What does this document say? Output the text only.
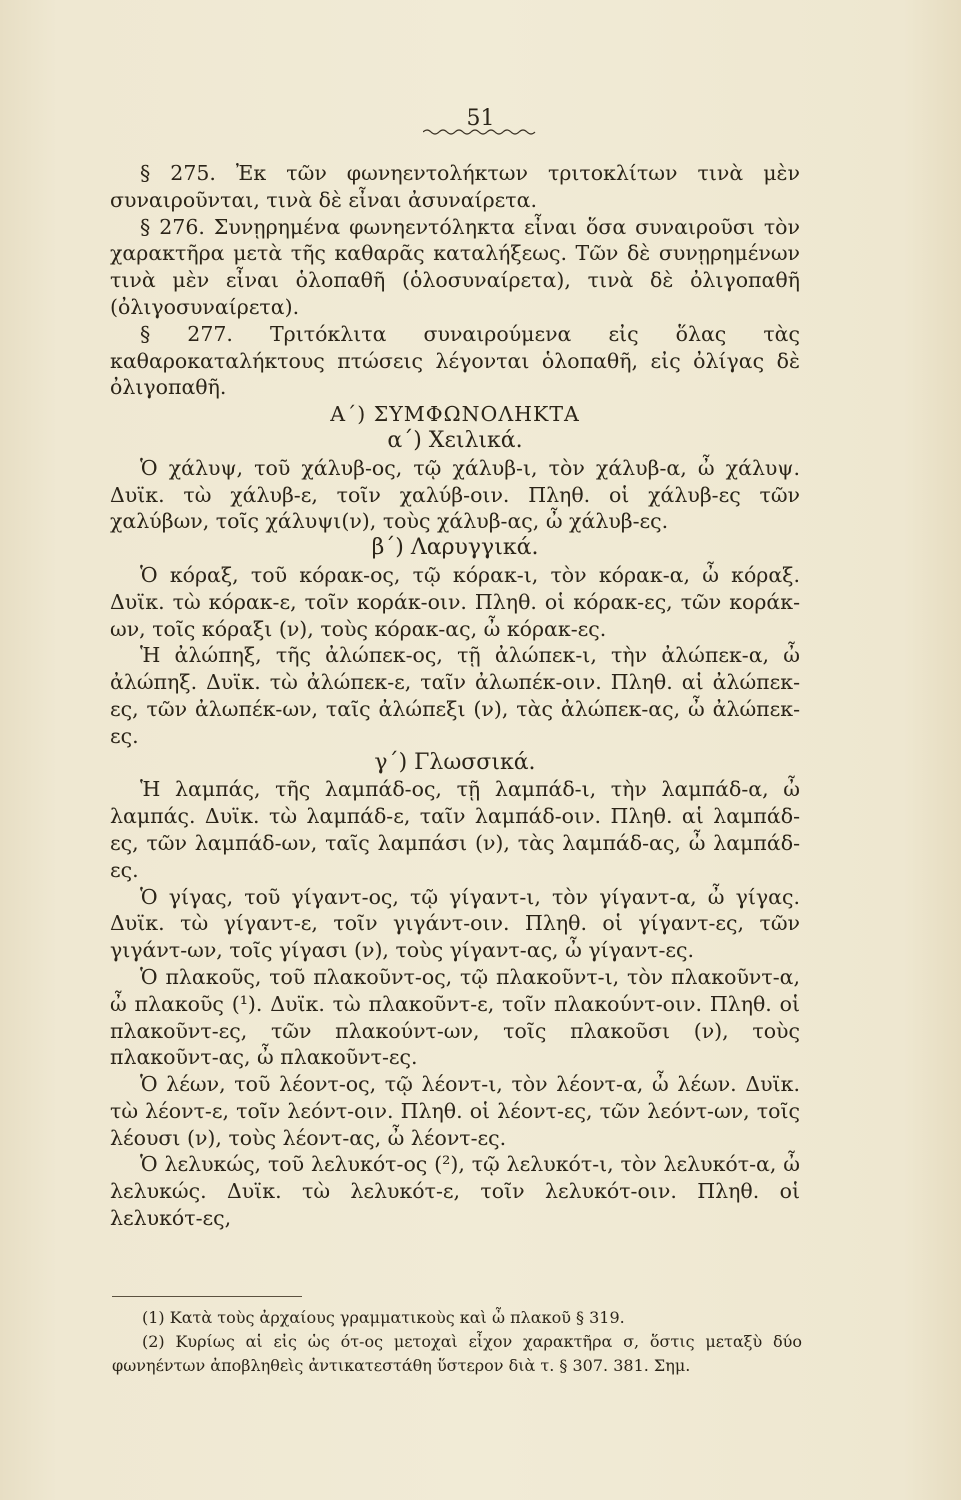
51

§ 275. Ἐκ τῶν φωνηεντολήκτων τριτοκλίτων τινὰ μὲν συναιροῦνται, τινὰ δὲ εἶναι ἀσυναίρετα.

§ 276. Συνῃρημένα φωνηεντόληκτα εἶναι ὅσα συναιροῦσι τὸν χαρακτῆρα μετὰ τῆς καθαρᾶς καταλήξεως. Τῶν δὲ συνῃρημένων τινὰ μὲν εἶναι ὁλοπαθῆ (ὁλοσυναίρετα), τινὰ δὲ ὀλιγοπαθῆ (ὀλιγοσυναίρετα).

§ 277. Τριτόκλιτα συναιρούμενα εἰς ὅλας τὰς καθαροκαταλήκτους πτώσεις λέγονται ὁλοπαθῆ, εἰς ὀλίγας δὲ ὀλιγοπαθῆ.

Α΄) ΣΥΜΦΩΝΟΛΗΚΤΑ

α΄) Χειλικά.

Ὁ χάλυψ, τοῦ χάλυβ-ος, τῷ χάλυβ-ι, τὸν χάλυβ-α, ὦ χάλυψ. Δυϊκ. τὼ χάλυβ-ε, τοῖν χαλύβ-οιν. Πληθ. οἱ χάλυβ-ες τῶν χαλύβων, τοῖς χάλυψι(ν), τοὺς χάλυβ-ας, ὦ χάλυβ-ες.

β΄) Λαρυγγικά.

Ὁ κόραξ, τοῦ κόρακ-ος, τῷ κόρακ-ι, τὸν κόρακ-α, ὦ κόραξ. Δυϊκ. τὼ κόρακ-ε, τοῖν κοράκ-οιν. Πληθ. οἱ κόρακ-ες, τῶν κοράκ-ων, τοῖς κόραξι (ν), τοὺς κόρακ-ας, ὦ κόρακ-ες.

Ἡ ἀλώπηξ, τῆς ἀλώπεκ-ος, τῇ ἀλώπεκ-ι, τὴν ἀλώπεκ-α, ὦ ἀλώπηξ. Δυϊκ. τὼ ἀλώπεκ-ε, ταῖν ἀλωπέκ-οιν. Πληθ. αἱ ἀλώπεκ-ες, τῶν ἀλωπέκ-ων, ταῖς ἀλώπεξι (ν), τὰς ἀλώπεκ-ας, ὦ ἀλώπεκ-ες.

γ΄) Γλωσσικά.

Ἡ λαμπάς, τῆς λαμπάδ-ος, τῇ λαμπάδ-ι, τὴν λαμπάδ-α, ὦ λαμπάς. Δυϊκ. τὼ λαμπάδ-ε, ταῖν λαμπάδ-οιν. Πληθ. αἱ λαμπάδ-ες, τῶν λαμπάδ-ων, ταῖς λαμπάσι (ν), τὰς λαμπάδ-ας, ὦ λαμπάδ-ες.

Ὁ γίγας, τοῦ γίγαντ-ος, τῷ γίγαντ-ι, τὸν γίγαντ-α, ὦ γίγας. Δυϊκ. τὼ γίγαντ-ε, τοῖν γιγάντ-οιν. Πληθ. οἱ γίγαντ-ες, τῶν γιγάντ-ων, τοῖς γίγασι (ν), τοὺς γίγαντ-ας, ὦ γίγαντ-ες.

Ὁ πλακοῦς, τοῦ πλακοῦντ-ος, τῷ πλακοῦντ-ι, τὸν πλακοῦντ-α, ὦ πλακοῦς (¹). Δυϊκ. τὼ πλακοῦντ-ε, τοῖν πλακούντ-οιν. Πληθ. οἱ πλακοῦντ-ες, τῶν πλακούντ-ων, τοῖς πλακοῦσι (ν), τοὺς πλακοῦντ-ας, ὦ πλακοῦντ-ες.

Ὁ λέων, τοῦ λέοντ-ος, τῷ λέοντ-ι, τὸν λέοντ-α, ὦ λέων. Δυϊκ. τὼ λέοντ-ε, τοῖν λεόντ-οιν. Πληθ. οἱ λέοντ-ες, τῶν λεόντ-ων, τοῖς λέουσι (ν), τοὺς λέοντ-ας, ὦ λέοντ-ες.

Ὁ λελυκώς, τοῦ λελυκότ-ος (²), τῷ λελυκότ-ι, τὸν λελυκότ-α, ὦ λελυκώς. Δυϊκ. τὼ λελυκότ-ε, τοῖν λελυκότ-οιν. Πληθ. οἱ λελυκότ-ες,

(1) Κατὰ τοὺς ἀρχαίους γραμματικοὺς καὶ ὦ πλακοῦ § 319.

(2) Κυρίως αἱ εἰς ὡς ότ-ος μετοχαὶ εἶχον χαρακτῆρα σ, ὅστις μεταξὺ δύο φωνηέντων ἀποβληθεὶς ἀντικατεστάθη ὕστερον διὰ τ. § 307. 381. Σημ.
